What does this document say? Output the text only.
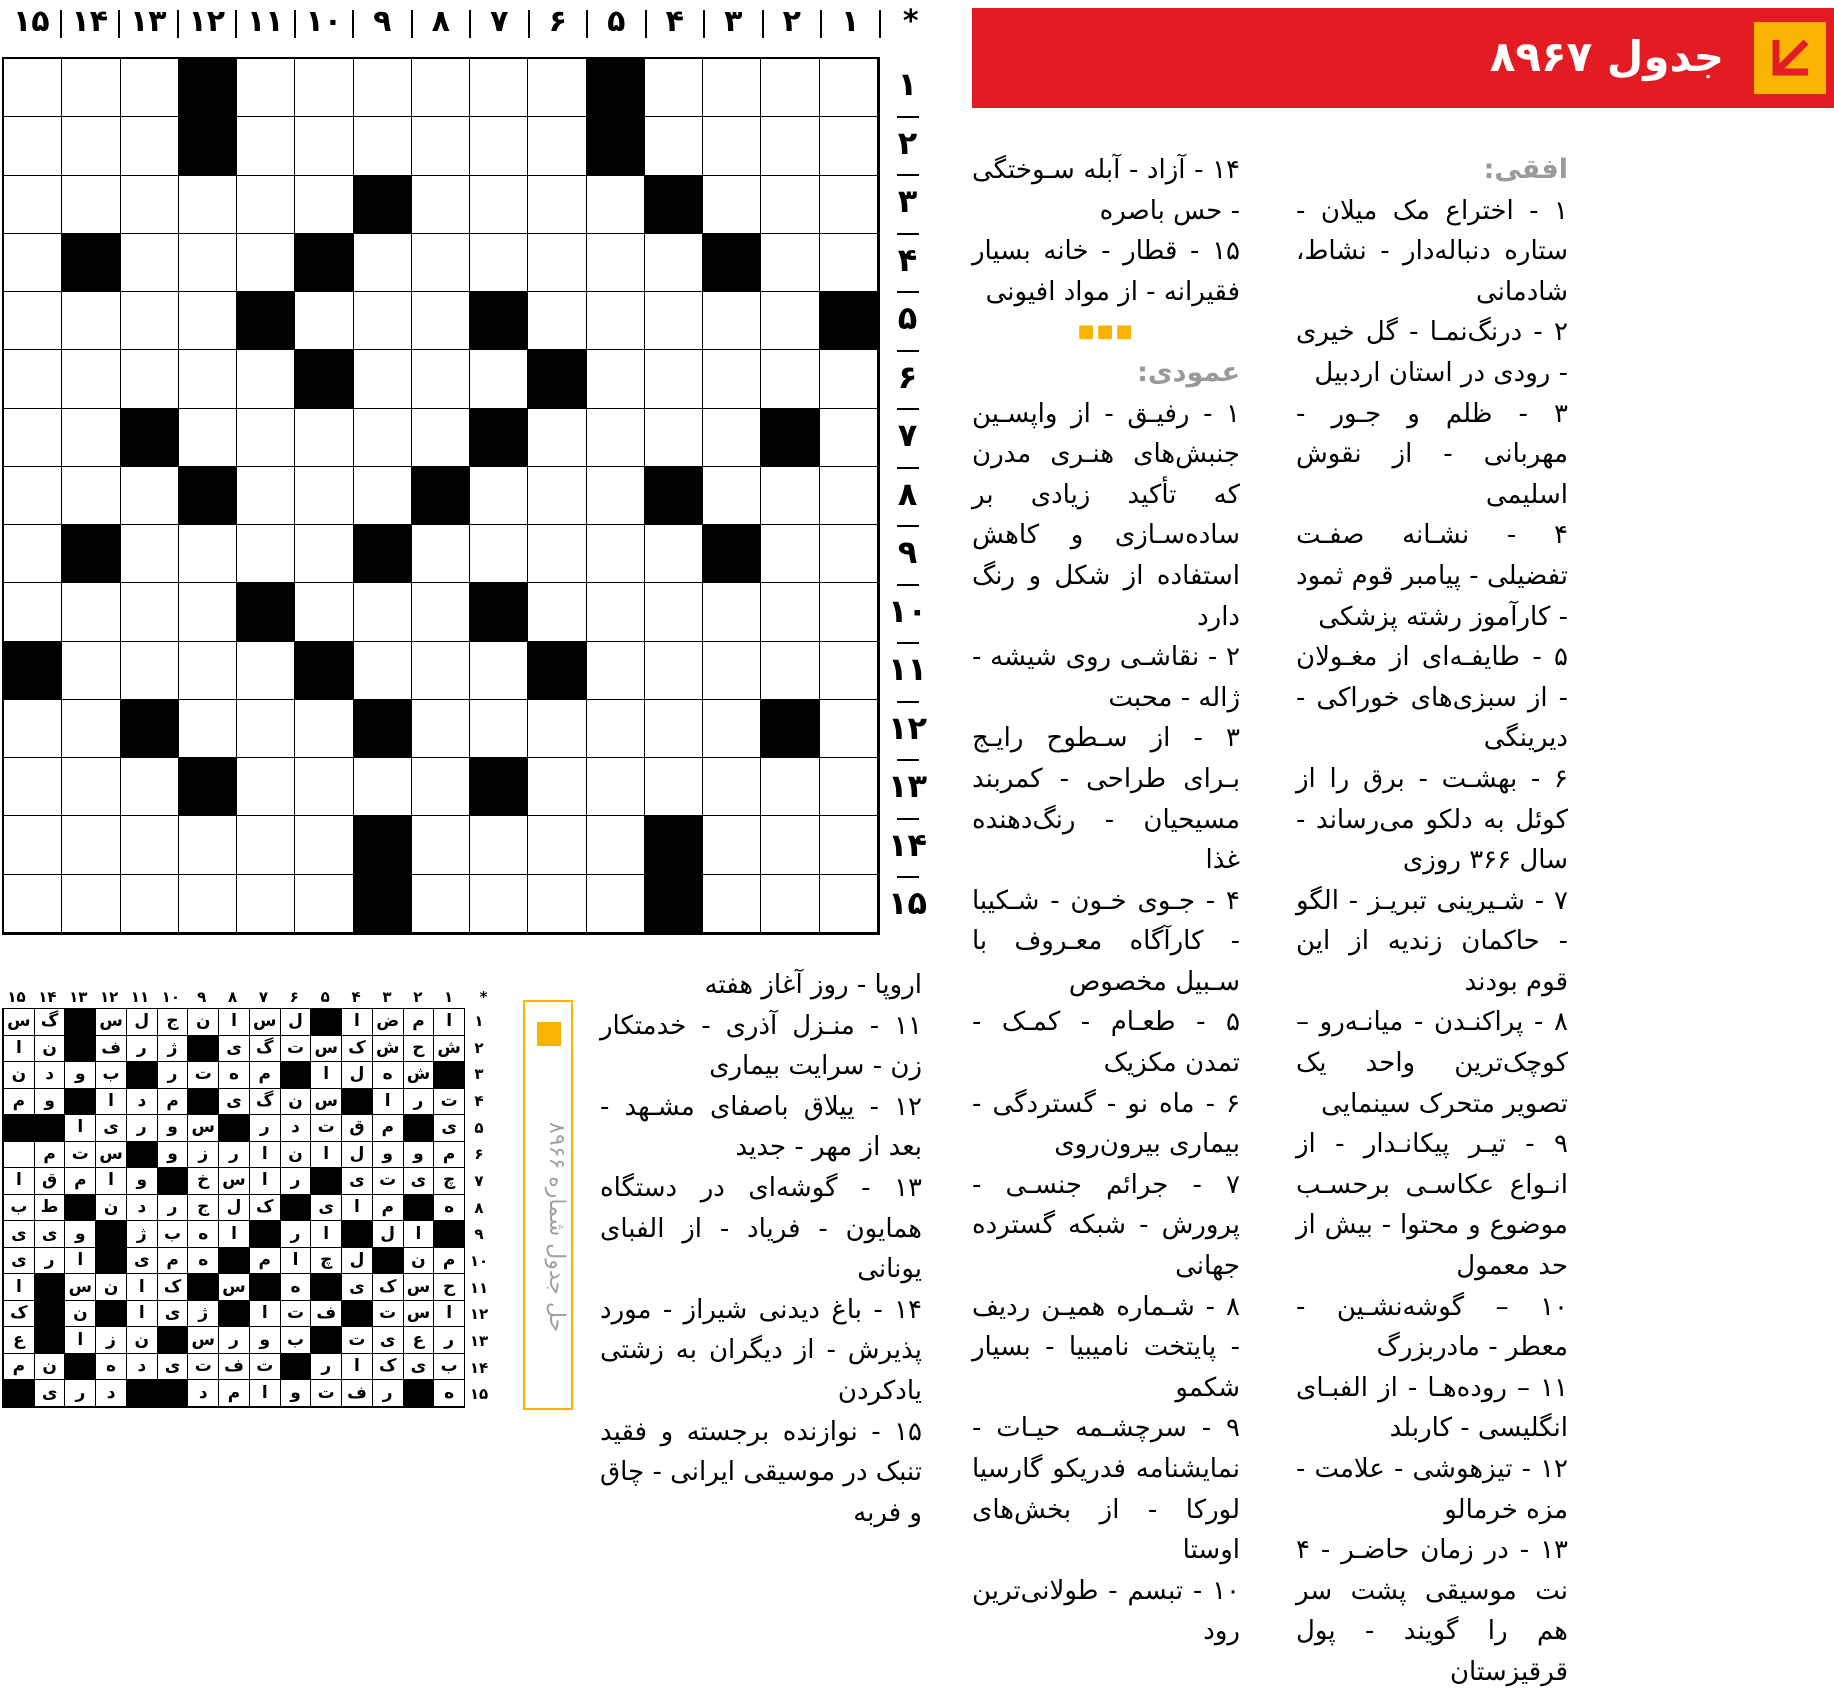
۱
۲
۳
۴
۵
۶
۷
۸
۹
۱۰
۱۱
۱۲
۱۳
۱۴
۱۵	*
۱
۲
۳
۴
۵
۶
۷
۸
۹
۱۰
۱۱
۱۲
۱۳
۱۴
۱۵
جدول ۸۹۶۷

افقی:

۱ - اختراع مک میلان - ستاره دنباله‌دار - نشاط، شادمانی

۲ - درنگ‌نمـا - گل خیری - رودی در استان اردبیل

۳ - ظلم و جـور - مهربانی - از نقوش اسلیمی

۴ - نشـانه صفـت تفضیلی - پیامبر قوم ثمود - کارآموز رشته پزشکی

۵ - طایفـه‌ای از مغـولان - از سبزی‌های خوراکی - دیرینگی

۶ - بهشـت - برق را از کوئل به دلکو می‌رساند - سال ۳۶۶ روزی

۷ - شـیرینی تبریـز - الگو - حاکمان زندیه از این قوم بودند

۸ - پراکنـدن - میانـه‌رو – کوچک‌ترین واحد یک تصویر متحرک سینمایی

۹ - تیـر پیکانـدار - از انـواع عکاسـی برحسـب موضوع و محتوا - بیش از حد معمول

۱۰ – گوشه‌نشـین - معطر - مادربزرگ

۱۱ – روده‌هـا - از الفبـای انگلیسی - کاربلد

۱۲ - تیزهوشی - علامت - مزه خرمالو

۱۳ - در زمان حاضـر - ۴ نت موسیقی پشت سر هم را گویند - پول قرقیزستان

۱۴ - آزاد - آبله سـوختگی - حس باصره

۱۵ - قطار - خانه بسیار فقیرانه - از مواد افیونی

■■■

عمودی:

۱ - رفیـق - از واپسـین جنبش‌های هنـری مدرن که تأکید زیادی بر ساده‌سـازی و کاهش استفاده از شکل و رنگ دارد

۲ - نقاشـی روی شیشه - ژاله - محبت

۳ - از سـطوح رایـج بـرای طراحی - کمربند مسیحیان - رنگ‌دهنده غذا

۴ - جـوی خـون - شـکیبا - کارآگاه معـروف با سـبیل مخصوص

۵ - طعـام - کمـک - تمدن مکزیک

۶ - ماه نو - گستردگی - بیماری بیرون‌روی

۷ - جرائم جنسـی - پرورش - شبکه گسترده جهانی

۸ - شـماره همیـن ردیف - پایتخت نامیبیا - بسیار شکمو

۹ - سرچشـمه حیـات - نمایشنامه فدریکو گارسیا لورکا - از بخش‌های اوستا

۱۰ - تبسم - طولانی‌ترین رود

اروپا - روز آغاز هفته

۱۱ - منـزل آذری - خدمتکار زن - سرایت بیماری

۱۲ - ییلاق باصفای مشـهد - بعد از مهر - جدید

۱۳ - گوشه‌ای در دستگاه همایون - فریاد - از الفبای یونانی

۱۴ - باغ دیدنی شیراز - مورد پذیرش - از دیگران به زشتی یادکردن

۱۵ - نوازنده برجسته و فقید تنبک در موسیقی ایرانی - چاق و فربه

حل جدول شماره ۸۹۶۶
*
۱
۲
۳
۴
۵
۶
۷
۸
۹
۱۰
۱۱
۱۲
۱۳
۱۴
۱۵
ا
م
ض
ا
ل
س
ا
ن
ج
ل
س
گ
س
ش
ح
ش
ک
س
ت
گ
ی
ژ
ر
ف
ن
ا
ش
ه
ل
ا
م
ه
ت
ر
ب
و
د
ن
ت
ر
ا
س
ن
گ
ی
م
د
ا
و
م
ی
م
ق
ت
د
ر
س
و
ر
ی
ا
م
و
و
ل
ا
ن
ا
ر
ز
و
س
ت
م
چ
ی
ت
ی
ر
ا
س
خ
و
ا
م
ق
ا
ه
م
ا
ی
ک
ل
ج
ر
د
ن
ط
ب
ا
ل
ا
ر
ا
ه
ب
ژ
و
ی
ی
م
ن
ل
چ
ا
م
ه
م
ی
ا
ر
ی
ح
س
ک
ی
ه
س
ک
ا
ن
س
ا
ا
س
ت
ف
ت
ا
ژ
ی
ا
ن
ک
ر
ع
ی
ت
ب
و
ر
س
ن
ز
ا
ع
ب
ی
ک
ا
ر
ت
ف
ت
ی
د
ه
ن
م
ه
ر
ف
ت
و
ا
م
د
د
ر
ی
۱
۲
۳
۴
۵
۶
۷
۸
۹
۱۰
۱۱
۱۲
۱۳
۱۴
۱۵
